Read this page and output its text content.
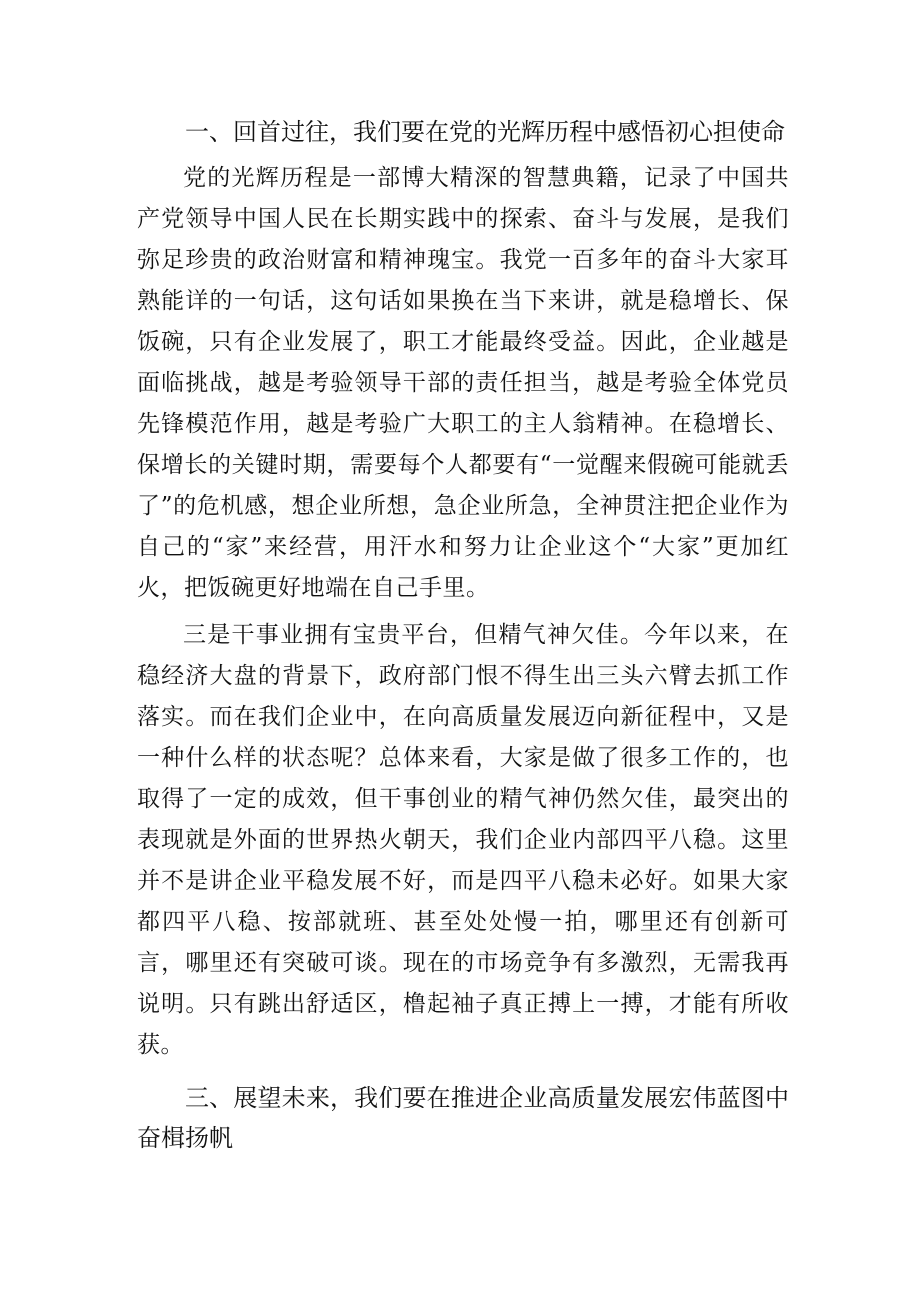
一、回首过往，我们要在党的光辉历程中感悟初心担使命

党的光辉历程是一部博大精深的智慧典籍，记录了中国共产党领导中国人民在长期实践中的探索、奋斗与发展，是我们弥足珍贵的政治财富和精神瑰宝。我党一百多年的奋斗大家耳熟能详的一句话，这句话如果换在当下来讲，就是稳增长、保饭碗，只有企业发展了，职工才能最终受益。因此，企业越是面临挑战，越是考验领导干部的责任担当，越是考验全体党员先锋模范作用，越是考验广大职工的主人翁精神。在稳增长、保增长的关键时期，需要每个人都要有“一觉醒来假碗可能就丢了”的危机感，想企业所想，急企业所急，全神贯注把企业作为自己的“家”来经营，用汗水和努力让企业这个“大家”更加红火，把饭碗更好地端在自己手里。

三是干事业拥有宝贵平台，但精气神欠佳。今年以来，在稳经济大盘的背景下，政府部门恨不得生出三头六臂去抓工作落实。而在我们企业中，在向高质量发展迈向新征程中，又是一种什么样的状态呢？总体来看，大家是做了很多工作的，也取得了一定的成效，但干事创业的精气神仍然欠佳，最突出的表现就是外面的世界热火朝天，我们企业内部四平八稳。这里并不是讲企业平稳发展不好，而是四平八稳未必好。如果大家都四平八稳、按部就班、甚至处处慢一拍，哪里还有创新可言，哪里还有突破可谈。现在的市场竞争有多激烈，无需我再说明。只有跳出舒适区，橹起袖子真正搏上一搏，才能有所收获。

三、展望未来，我们要在推进企业高质量发展宏伟蓝图中奋楫扬帆
